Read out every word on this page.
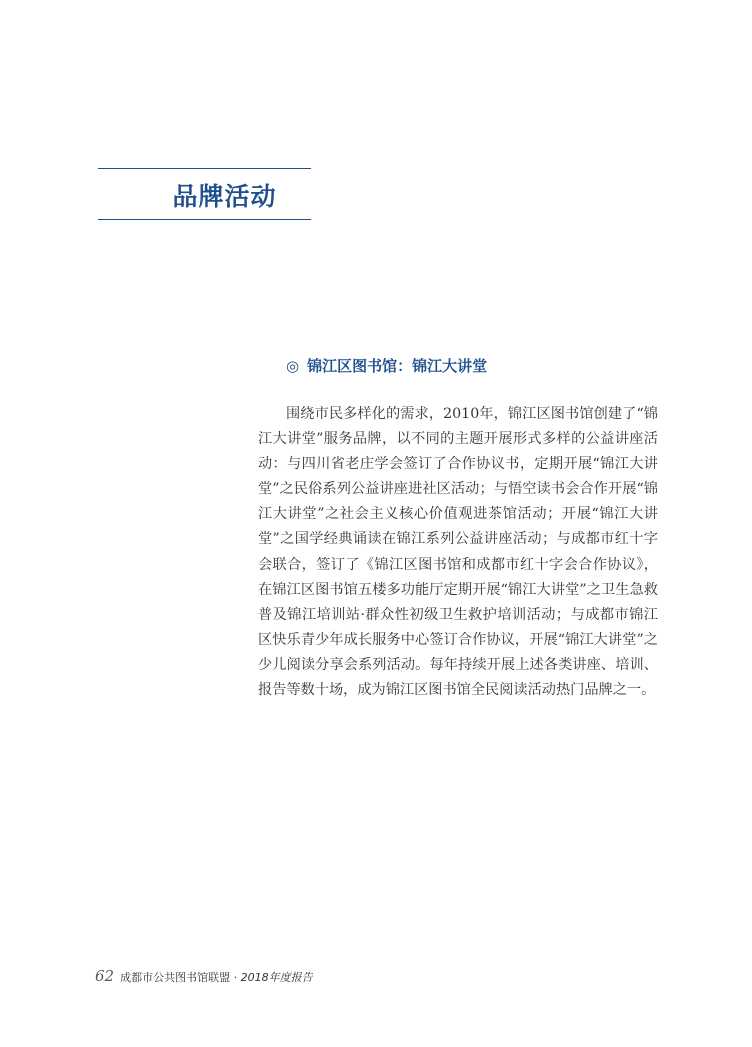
品牌活动
◎ 锦江区图书馆：锦江大讲堂

围绕市民多样化的需求，2010年，锦江区图书馆创建了“锦江大讲堂”服务品牌，以不同的主题开展形式多样的公益讲座活动：与四川省老庄学会签订了合作协议书，定期开展“锦江大讲堂”之民俗系列公益讲座进社区活动；与悟空读书会合作开展“锦江大讲堂”之社会主义核心价值观进茶馆活动；开展“锦江大讲堂”之国学经典诵读在锦江系列公益讲座活动；与成都市红十字会联合，签订了《锦江区图书馆和成都市红十字会合作协议》，在锦江区图书馆五楼多功能厅定期开展“锦江大讲堂”之卫生急救普及锦江培训站·群众性初级卫生救护培训活动；与成都市锦江区快乐青少年成长服务中心签订合作协议，开展“锦江大讲堂”之少儿阅读分享会系列活动。每年持续开展上述各类讲座、培训、报告等数十场，成为锦江区图书馆全民阅读活动热门品牌之一。

62 成都市公共图书馆联盟 · 2018年度报告
